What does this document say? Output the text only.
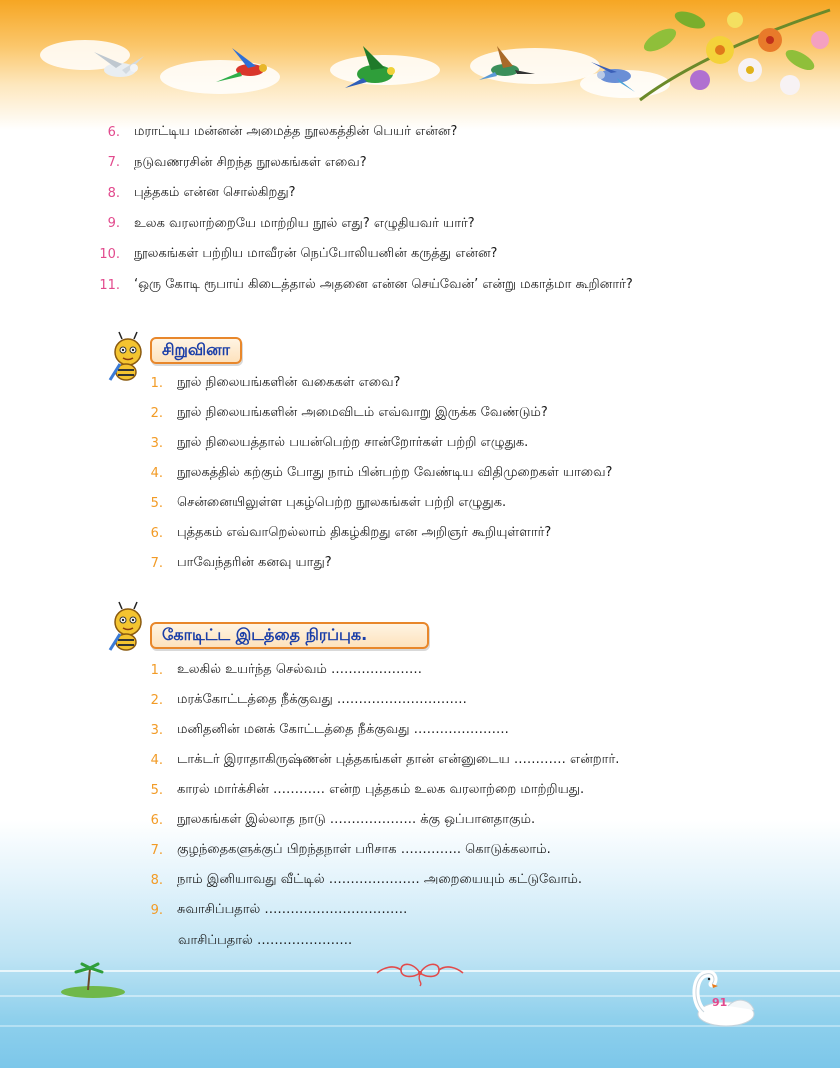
6. மராட்டிய மன்னன் அமைத்த நூலகத்தின் பெயர் என்ன?
7. நடுவணரசின் சிறந்த நூலகங்கள் எவை?
8. புத்தகம் என்ன சொல்கிறது?
9. உலக வரலாற்றையே மாற்றிய நூல் எது? எழுதியவர் யார்?
10. நூலகங்கள் பற்றிய மாவீரன் நெப்போலியனின் கருத்து என்ன?
11. ‘ஒரு கோடி ரூபாய் கிடைத்தால் அதனை என்ன செய்வேன்’ என்று மகாத்மா கூறினார்?
சிறுவினா
1. நூல் நிலையங்களின் வகைகள் எவை?
2. நூல் நிலையங்களின் அமைவிடம் எவ்வாறு இருக்க வேண்டும்?
3. நூல் நிலையத்தால் பயன்பெற்ற சான்றோர்கள் பற்றி எழுதுக.
4. நூலகத்தில் கற்கும் போது நாம் பின்பற்ற வேண்டிய விதிமுறைகள் யாவை?
5. சென்னையிலுள்ள புகழ்பெற்ற நூலகங்கள் பற்றி எழுதுக.
6. புத்தகம் எவ்வாறெல்லாம் திகழ்கிறது என அறிஞர் கூறியுள்ளார்?
7. பாவேந்தரின் கனவு யாது?
கோடிட்ட இடத்தை நிரப்புக.
1. உலகில் உயர்ந்த செல்வம் …………………
2. மரக்கோட்டத்தை நீக்குவது …………………………
3. மனிதனின் மனக் கோட்டத்தை நீக்குவது ………………….
4. டாக்டர் இராதாகிருஷ்ணன் புத்தகங்கள் தான் என்னுடைய ………… என்றார்.
5. காரல் மார்க்சின் ………… என்ற புத்தகம் உலக வரலாற்றை மாற்றியது.
6. நூலகங்கள் இல்லாத நாடு ……………….. க்கு ஒப்பானதாகும்.
7. குழந்தைகளுக்குப் பிறந்தநாள் பரிசாக ………….. கொடுக்கலாம்.
8. நாம் இனியாவது வீட்டில் ………………… அறையையும் கட்டுவோம்.
9. சுவாசிப்பதால் ……………………………
வாசிப்பதால் ………………….
91
